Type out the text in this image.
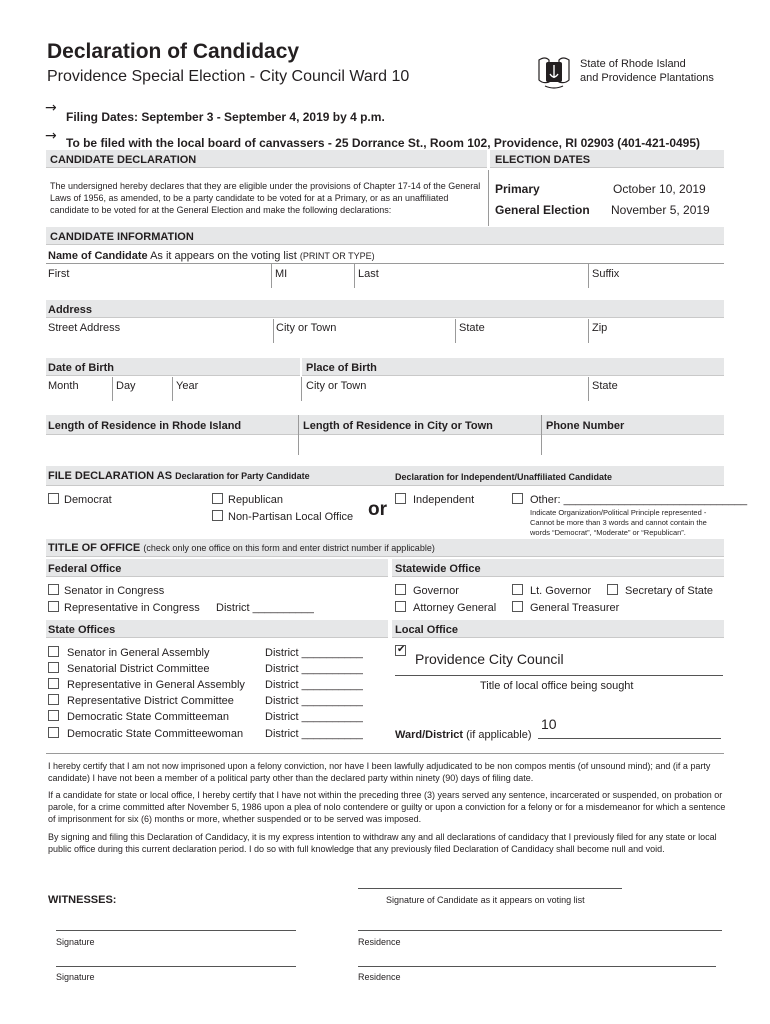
Declaration of Candidacy
Providence Special Election - City Council Ward 10
State of Rhode Island
and Providence Plantations
→
Filing Dates: September 3 - September 4, 2019 by 4 p.m.
→ To be filed with the local board of canvassers - 25 Dorrance St., Room 102, Providence, RI 02903 (401-421-0495)
CANDIDATE DECLARATION	ELECTION DATES
The undersigned hereby declares that they are eligible under the provisions of Chapter 17-14 of the General Laws of 1956, as amended, to be a party candidate to be voted for at a Primary, or as an unaffiliated candidate to be voted for at the General Election and make the following declarations:
Primary	October 10, 2019
General Election November 5, 2019
CANDIDATE INFORMATION
Name of Candidate As it appears on the voting list (PRINT OR TYPE)
First	MI	Last	Suffix
Address
Street Address	City or Town	State	Zip
Date of Birth	Place of Birth
Month	Day	Year	City or Town	State
Length of Residence in Rhode Island	Length of Residence in City or Town	Phone Number
FILE DECLARATION AS Declaration for Party Candidate	Declaration for Independent/Unaffiliated Candidate
Democrat	Republican
Non-Partisan Local Office or Independent	Other: ______________________________
Indicate Organization/Political Principle represented -
Cannot be more than 3 words and cannot contain the
words “Democrat”, “Moderate” or “Republican”.
TITLE OF OFFICE (check only one office on this form and enter district number if applicable)
Federal Office	Statewide Office
Senator in Congress
Representative in Congress District __________
Governor	Lt. Governor	Secretary of State
Attorney General	General Treasurer
State Offices	Local Office
Senator in General Assembly	District __________
Senatorial District Committee	District __________
Representative in General Assembly District __________
Representative District Committee	District __________
Democratic State Committeeman	District __________
Democratic State Committeewoman District __________
✔
Providence City Council
Title of local office being sought
10
Ward/District (if applicable)
I hereby certify that I am not now imprisoned upon a felony conviction, nor have I been lawfully adjudicated to be non compos mentis (of unsound mind); and (if a party candidate) I have not been a member of a political party other than the declared party within ninety (90) days of filing date.
If a candidate for state or local office, I hereby certify that I have not within the preceding three (3) years served any sentence, incarcerated or suspended, on probation or parole, for a crime committed after November 5, 1986 upon a plea of nolo contendere or guilty or upon a conviction for a felony or for a misdemeanor for which a sentence of imprisonment for six (6) months or more, whether suspended or to be served was imposed.
By signing and filing this Declaration of Candidacy, it is my express intention to withdraw any and all declarations of candidacy that I previously filed for any state or local public office during this current declaration period. I do so with full knowledge that any previously filed Declaration of Candidacy shall become null and void.
WITNESSES:	Signature of Candidate as it appears on voting list
Signature	Residence
Signature	Residence
